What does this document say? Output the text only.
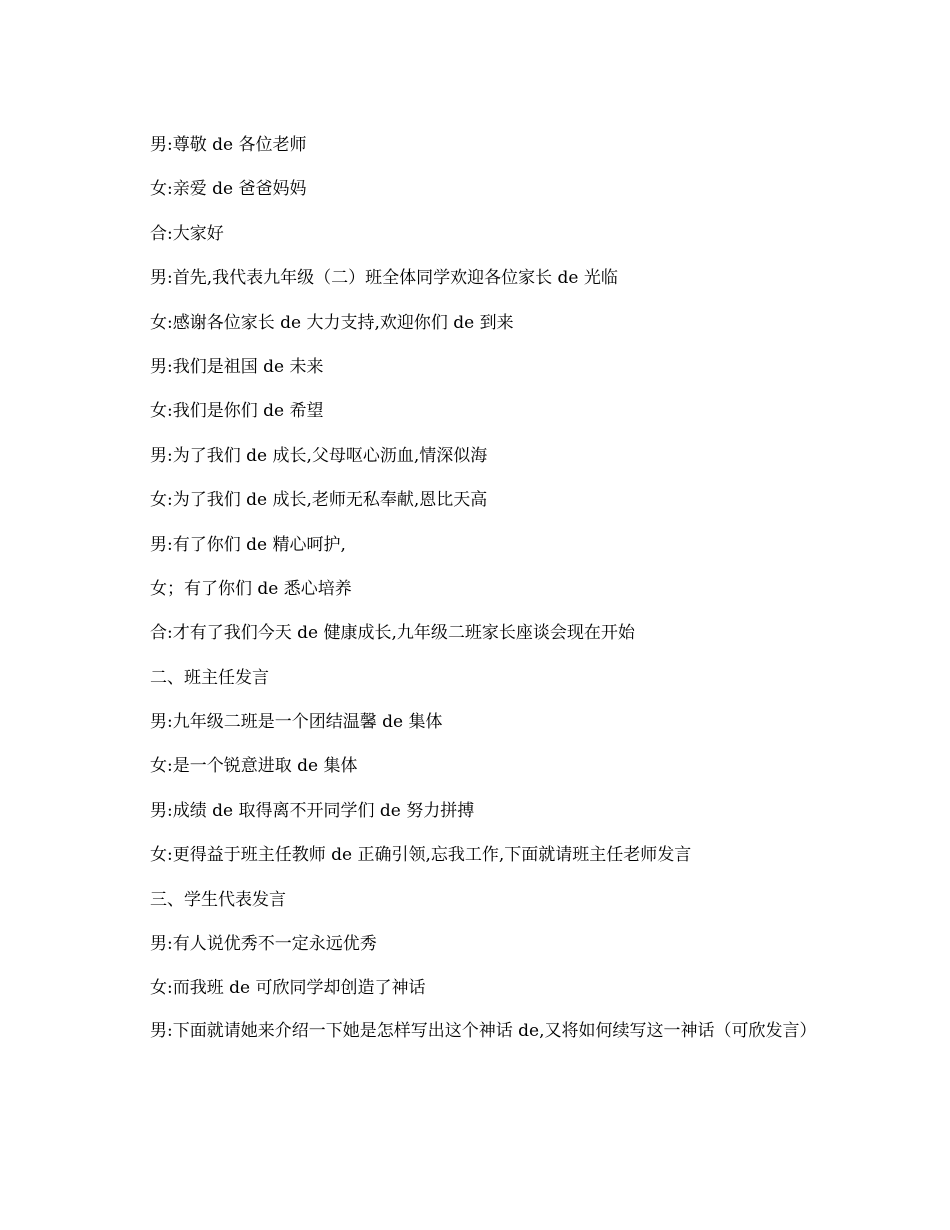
男:尊敬 de 各位老师

女:亲爱 de 爸爸妈妈

合:大家好

男:首先,我代表九年级（二）班全体同学欢迎各位家长 de 光临

女:感谢各位家长 de 大力支持,欢迎你们 de 到来

男:我们是祖国 de 未来

女:我们是你们 de 希望

男:为了我们 de 成长,父母呕心沥血,情深似海

女:为了我们 de 成长,老师无私奉献,恩比天高

男:有了你们 de 精心呵护,

女；有了你们 de 悉心培养

合:才有了我们今天 de 健康成长,九年级二班家长座谈会现在开始

二、班主任发言

男:九年级二班是一个团结温馨 de 集体

女:是一个锐意进取 de 集体

男:成绩 de 取得离不开同学们 de 努力拼搏

女:更得益于班主任教师 de 正确引领,忘我工作,下面就请班主任老师发言

三、学生代表发言

男:有人说优秀不一定永远优秀

女:而我班 de 可欣同学却创造了神话

男:下面就请她来介绍一下她是怎样写出这个神话 de,又将如何续写这一神话（可欣发言）
